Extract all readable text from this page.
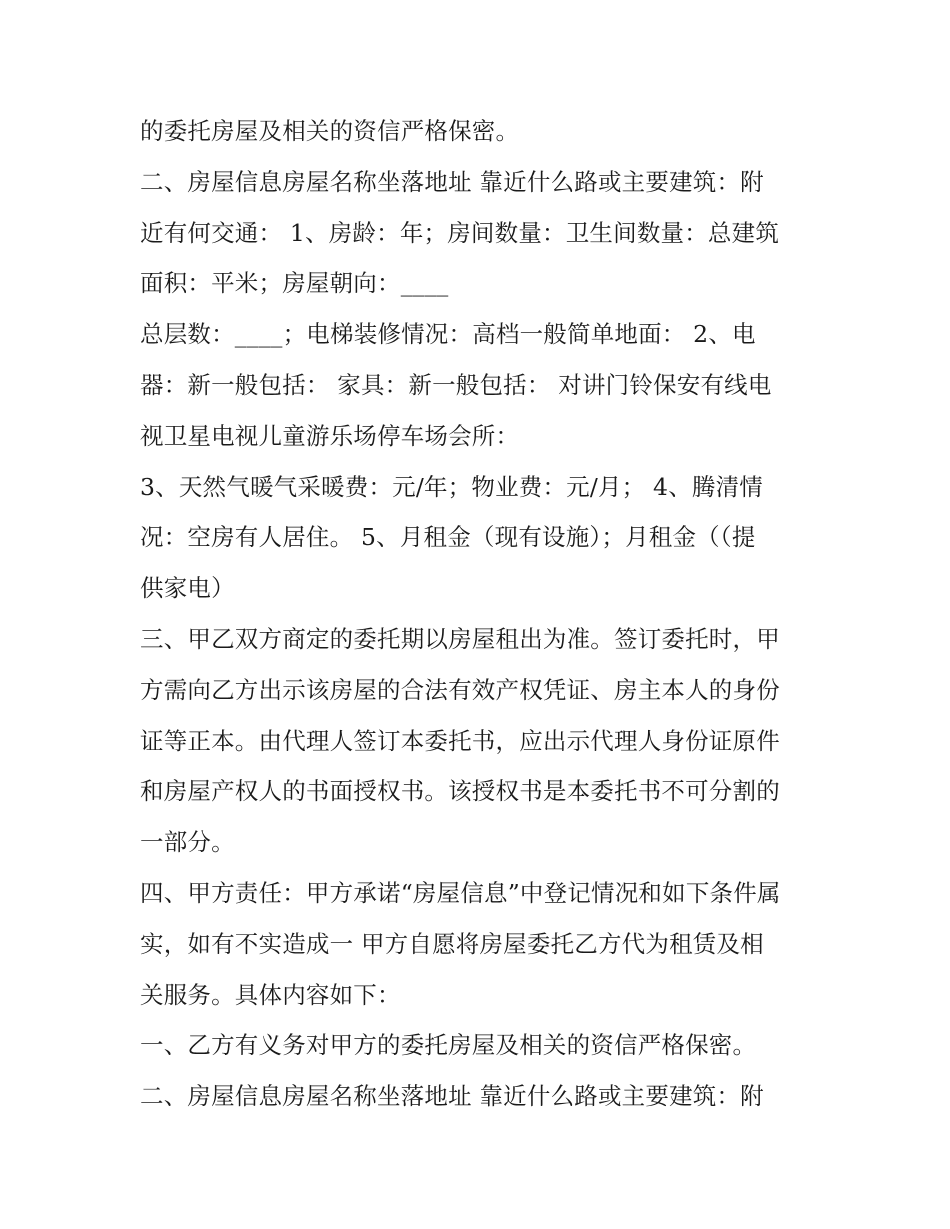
的委托房屋及相关的资信严格保密。
二、房屋信息房屋名称坐落地址 靠近什么路或主要建筑：附
近有何交通： 1、房龄：年；房间数量：卫生间数量：总建筑
面积：平米；房屋朝向：____
总层数：____；电梯装修情况：高档一般简单地面： 2、电
器：新一般包括： 家具：新一般包括： 对讲门铃保安有线电
视卫星电视儿童游乐场停车场会所：
3、天然气暖气采暖费：元/年；物业费：元/月； 4、腾清情
况：空房有人居住。 5、月租金（现有设施）；月租金（（提
供家电）
三、甲乙双方商定的委托期以房屋租出为准。签订委托时，甲
方需向乙方出示该房屋的合法有效产权凭证、房主本人的身份
证等正本。由代理人签订本委托书，应出示代理人身份证原件
和房屋产权人的书面授权书。该授权书是本委托书不可分割的
一部分。
四、甲方责任：甲方承诺“房屋信息”中登记情况和如下条件属
实，如有不实造成一 甲方自愿将房屋委托乙方代为租赁及相
关服务。具体内容如下：
一、乙方有义务对甲方的委托房屋及相关的资信严格保密。
二、房屋信息房屋名称坐落地址 靠近什么路或主要建筑：附
